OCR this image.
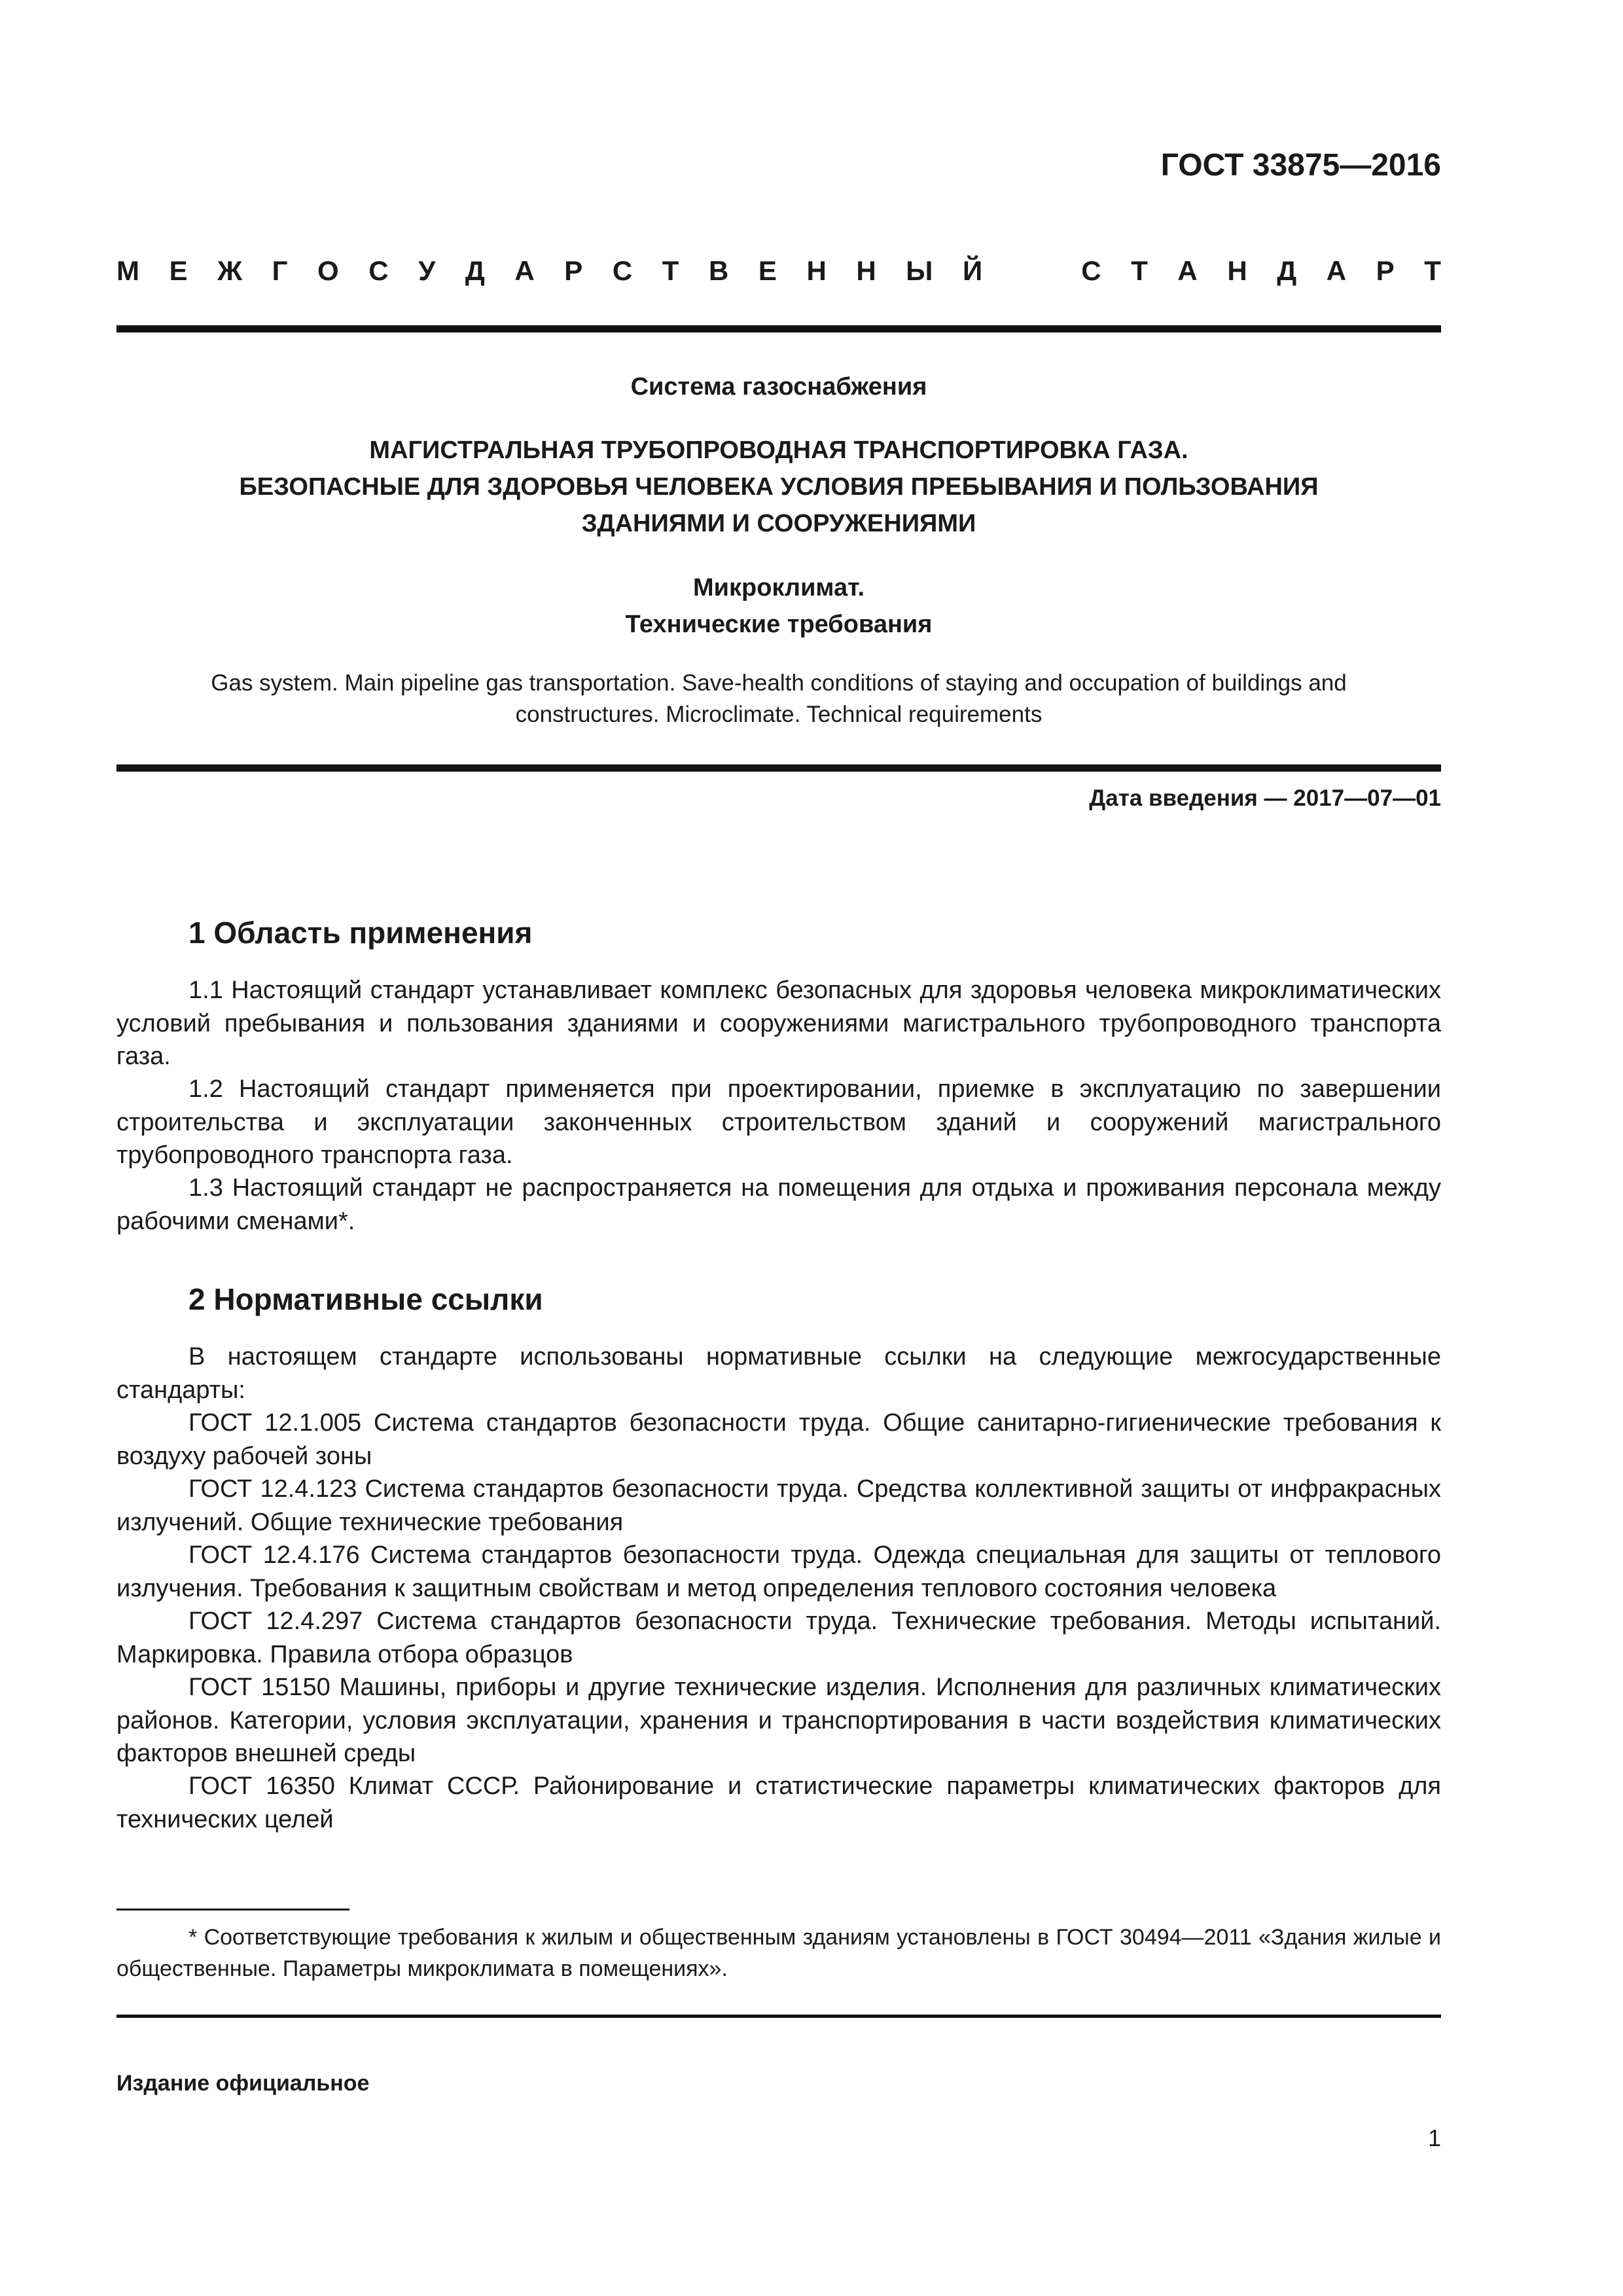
ГОСТ 33875—2016
М Е Ж Г О С У Д А Р С Т В Е Н Н Ы Й	С Т А Н Д А Р Т
Система газоснабжения
МАГИСТРАЛЬНАЯ ТРУБОПРОВОДНАЯ ТРАНСПОРТИРОВКА ГАЗА.
БЕЗОПАСНЫЕ ДЛЯ ЗДОРОВЬЯ ЧЕЛОВЕКА УСЛОВИЯ ПРЕБЫВАНИЯ И ПОЛЬЗОВАНИЯ
ЗДАНИЯМИ И СООРУЖЕНИЯМИ
Микроклимат.
Технические требования
Gas system. Main pipeline gas transportation. Save-health conditions of staying and occupation of buildings and constructures. Microclimate. Technical requirements
Дата введения — 2017—07—01
1 Область применения

1.1 Настоящий стандарт устанавливает комплекс безопасных для здоровья человека микроклиматических условий пребывания и пользования зданиями и сооружениями магистрального трубопроводного транспорта газа.

1.2 Настоящий стандарт применяется при проектировании, приемке в эксплуатацию по завершении строительства и эксплуатации законченных строительством зданий и сооружений магистрального трубопроводного транспорта газа.

1.3 Настоящий стандарт не распространяется на помещения для отдыха и проживания персонала между рабочими сменами*.

2 Нормативные ссылки

В настоящем стандарте использованы нормативные ссылки на следующие межгосударственные стандарты:

ГОСТ 12.1.005 Система стандартов безопасности труда. Общие санитарно-гигиенические требования к воздуху рабочей зоны

ГОСТ 12.4.123 Система стандартов безопасности труда. Средства коллективной защиты от инфракрасных излучений. Общие технические требования

ГОСТ 12.4.176 Система стандартов безопасности труда. Одежда специальная для защиты от теплового излучения. Требования к защитным свойствам и метод определения теплового состояния человека

ГОСТ 12.4.297 Система стандартов безопасности труда. Технические требования. Методы испытаний. Маркировка. Правила отбора образцов

ГОСТ 15150 Машины, приборы и другие технические изделия. Исполнения для различных климатических районов. Категории, условия эксплуатации, хранения и транспортирования в части воздействия климатических факторов внешней среды

ГОСТ 16350 Климат СССР. Районирование и статистические параметры климатических факторов для технических целей

* Соответствующие требования к жилым и общественным зданиям установлены в ГОСТ 30494—2011 «Здания жилые и общественные. Параметры микроклимата в помещениях».

Издание официальное
1
